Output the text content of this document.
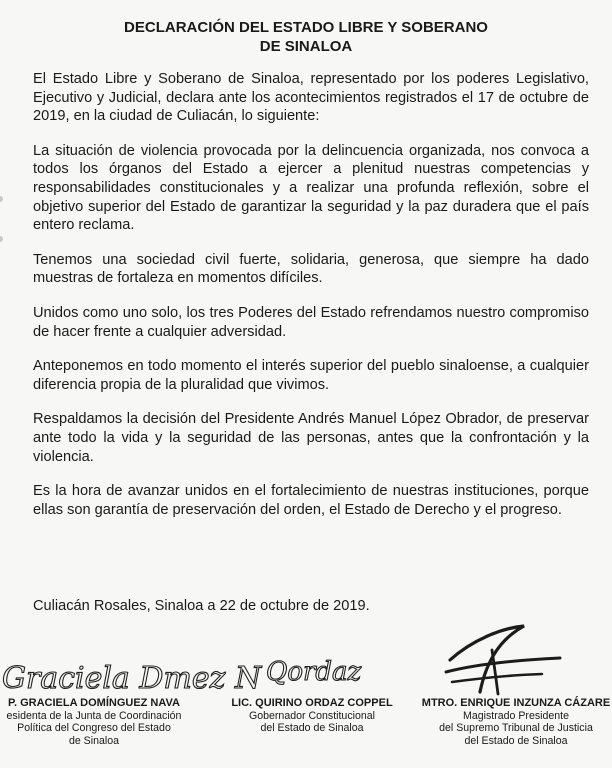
DECLARACIÓN DEL ESTADO LIBRE Y SOBERANO
DE SINALOA

El Estado Libre y Soberano de Sinaloa, representado por los poderes Legislativo, Ejecutivo y Judicial, declara ante los acontecimientos registrados el 17 de octubre de 2019, en la ciudad de Culiacán, lo siguiente:

La situación de violencia provocada por la delincuencia organizada, nos convoca a todos los órganos del Estado a ejercer a plenitud nuestras competencias y responsabilidades constitucionales y a realizar una profunda reflexión, sobre el objetivo superior del Estado de garantizar la seguridad y la paz duradera que el país entero reclama.

Tenemos una sociedad civil fuerte, solidaria, generosa, que siempre ha dado muestras de fortaleza en momentos difíciles.

Unidos como uno solo, los tres Poderes del Estado refrendamos nuestro compromiso de hacer frente a cualquier adversidad.

Anteponemos en todo momento el interés superior del pueblo sinaloense, a cualquier diferencia propia de la pluralidad que vivimos.

Respaldamos la decisión del Presidente Andrés Manuel López Obrador, de preservar ante todo la vida y la seguridad de las personas, antes que la confrontación y la violencia.

Es la hora de avanzar unidos en el fortalecimiento de nuestras instituciones, porque ellas son garantía de preservación del orden, el Estado de Derecho y el progreso.

Culiacán Rosales, Sinaloa a 22 de octubre de 2019.
Graciela Dmez N
P. GRACIELA DOMÍNGUEZ NAVA
esidenta de la Junta de Coordinación
Política del Congreso del Estado
de Sinaloa
Qordaz
LIC. QUIRINO ORDAZ COPPEL
Gobernador Constitucional
del Estado de Sinaloa
MTRO. ENRIQUE INZUNZA CÁZARE
Magistrado Presidente
del Supremo Tribunal de Justicia
del Estado de Sinaloa
